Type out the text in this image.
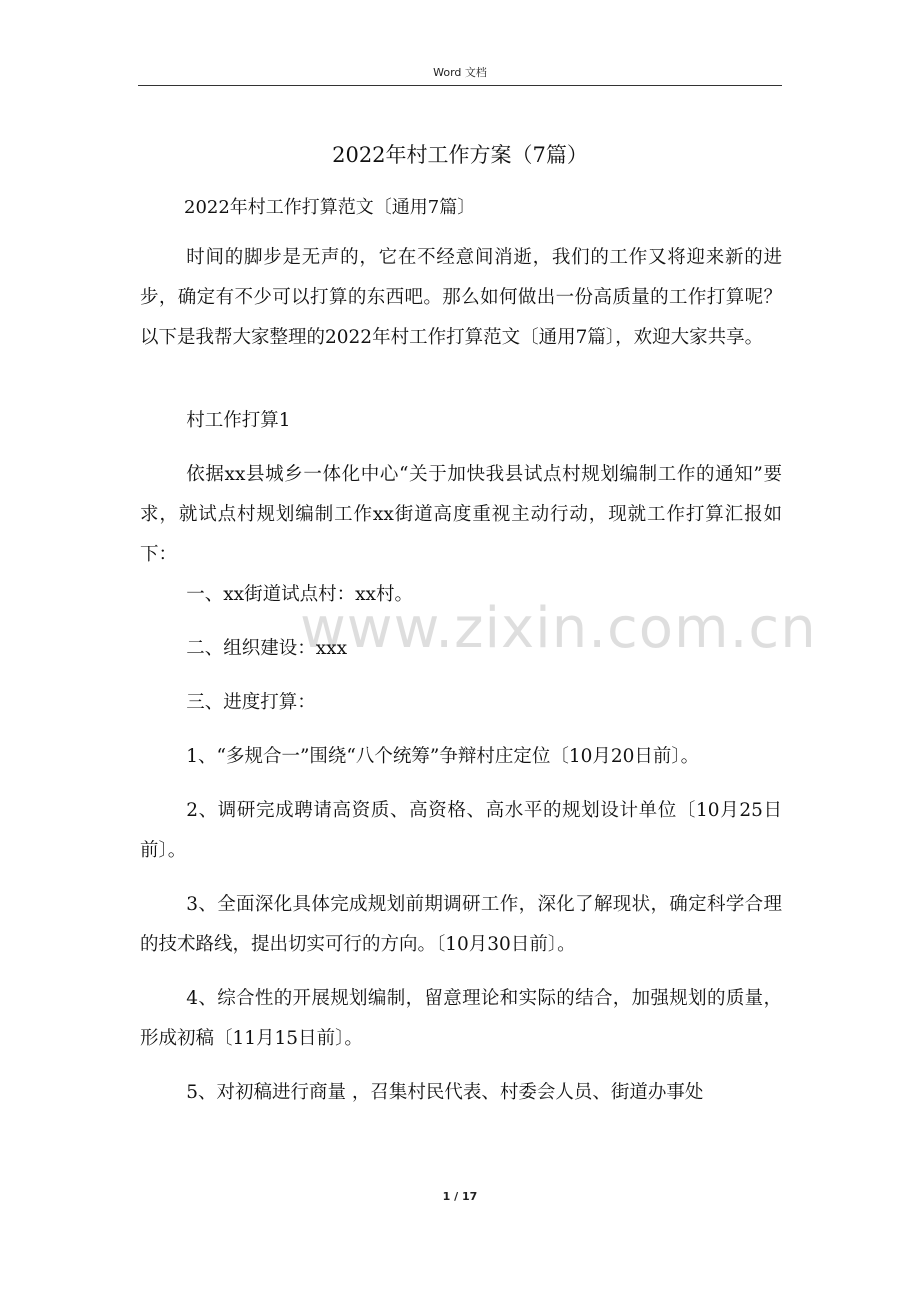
Word 文档
2022年村工作方案（7篇）
2022年村工作打算范文〔通用7篇〕

时间的脚步是无声的，它在不经意间消逝，我们的工作又将迎来新的进步，确定有不少可以打算的东西吧。那么如何做出一份高质量的工作打算呢？以下是我帮大家整理的2022年村工作打算范文〔通用7篇〕，欢迎大家共享。

村工作打算1

依据xx县城乡一体化中心“关于加快我县试点村规划编制工作的通知”要求，就试点村规划编制工作xx街道高度重视主动行动，现就工作打算汇报如下：

一、xx街道试点村：xx村。

二、组织建设：xxx

三、进度打算：

1、“多规合一”围绕“八个统筹”争辩村庄定位〔10月20日前〕。

2、调研完成聘请高资质、高资格、高水平的规划设计单位〔10月25日前〕。

3、全面深化具体完成规划前期调研工作，深化了解现状，确定科学合理的技术路线，提出切实可行的方向。〔10月30日前〕。

4、综合性的开展规划编制，留意理论和实际的结合，加强规划的质量，形成初稿〔11月15日前〕。

5、对初稿进行商量 ，召集村民代表、村委会人员、街道办事处

www.zixin.com.cn
1 / 17
